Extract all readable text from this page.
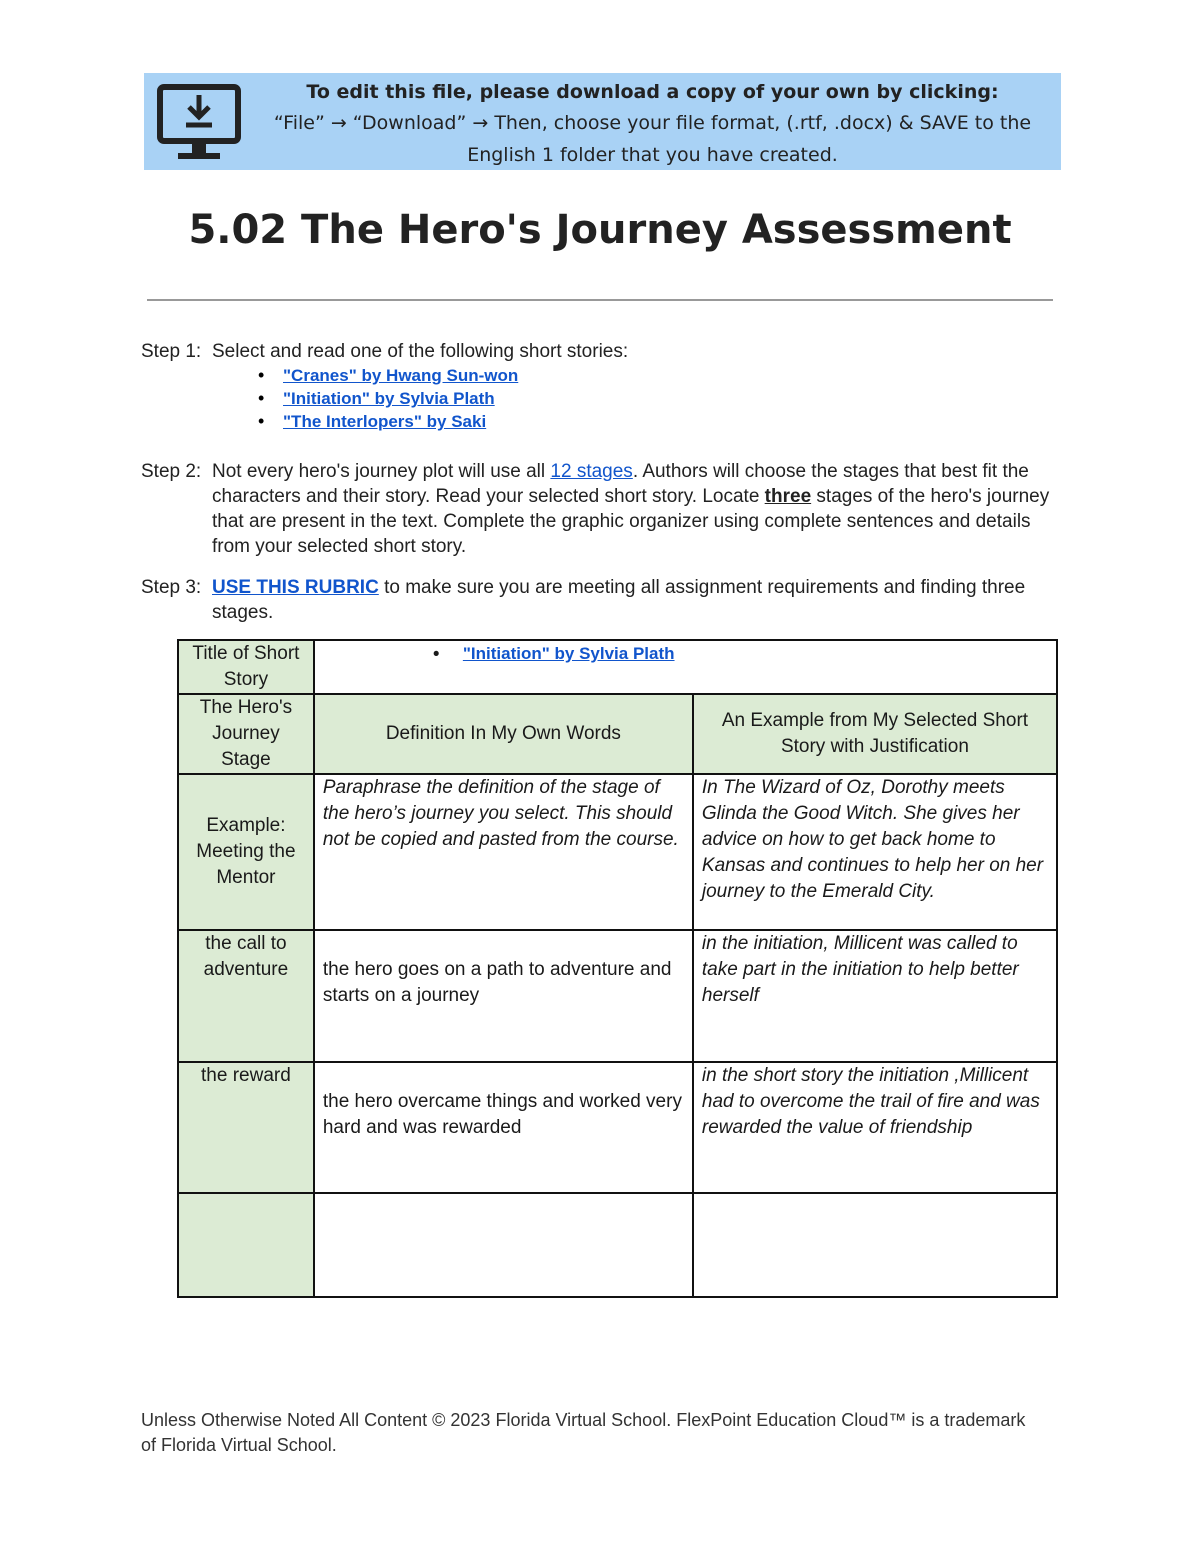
To edit this file, please download a copy of your own by clicking:
“File” → “Download” → Then, choose your file format, (.rtf, .docx) & SAVE to the
English 1 folder that you have created.
5.02 The Hero's Journey Assessment
Step 1: Select and read one of the following short stories:
• "Cranes" by Hwang Sun-won
• "Initiation" by Sylvia Plath
• "The Interlopers" by Saki
Step 2: Not every hero's journey plot will use all 12 stages. Authors will choose the stages that best fit the characters and their story. Read your selected short story. Locate three stages of the hero's journey that are present in the text. Complete the graphic organizer using complete sentences and details from your selected short story.
Step 3: USE THIS RUBRIC to make sure you are meeting all assignment requirements and finding three stages.
Title of Short Story	• "Initiation" by Sylvia Plath	
The Hero's Journey Stage	Definition In My Own Words	An Example from My Selected Short Story with Justification
Example: Meeting the Mentor	Paraphrase the definition of the stage of the hero’s journey you select. This should not be copied and pasted from the course.	In The Wizard of Oz, Dorothy meets Glinda the Good Witch. She gives her advice on how to get back home to Kansas and continues to help her on her journey to the Emerald City.
the call to adventure	the hero goes on a path to adventure and starts on a journey	in the initiation, Millicent was called to take part in the initiation to help better herself
the reward	the hero overcame things and worked very hard and was rewarded	in the short story the initiation ,Millicent had to overcome the trail of fire and was rewarded the value of friendship

Unless Otherwise Noted All Content © 2023 Florida Virtual School. FlexPoint Education Cloud™ is a trademark of Florida Virtual School.
